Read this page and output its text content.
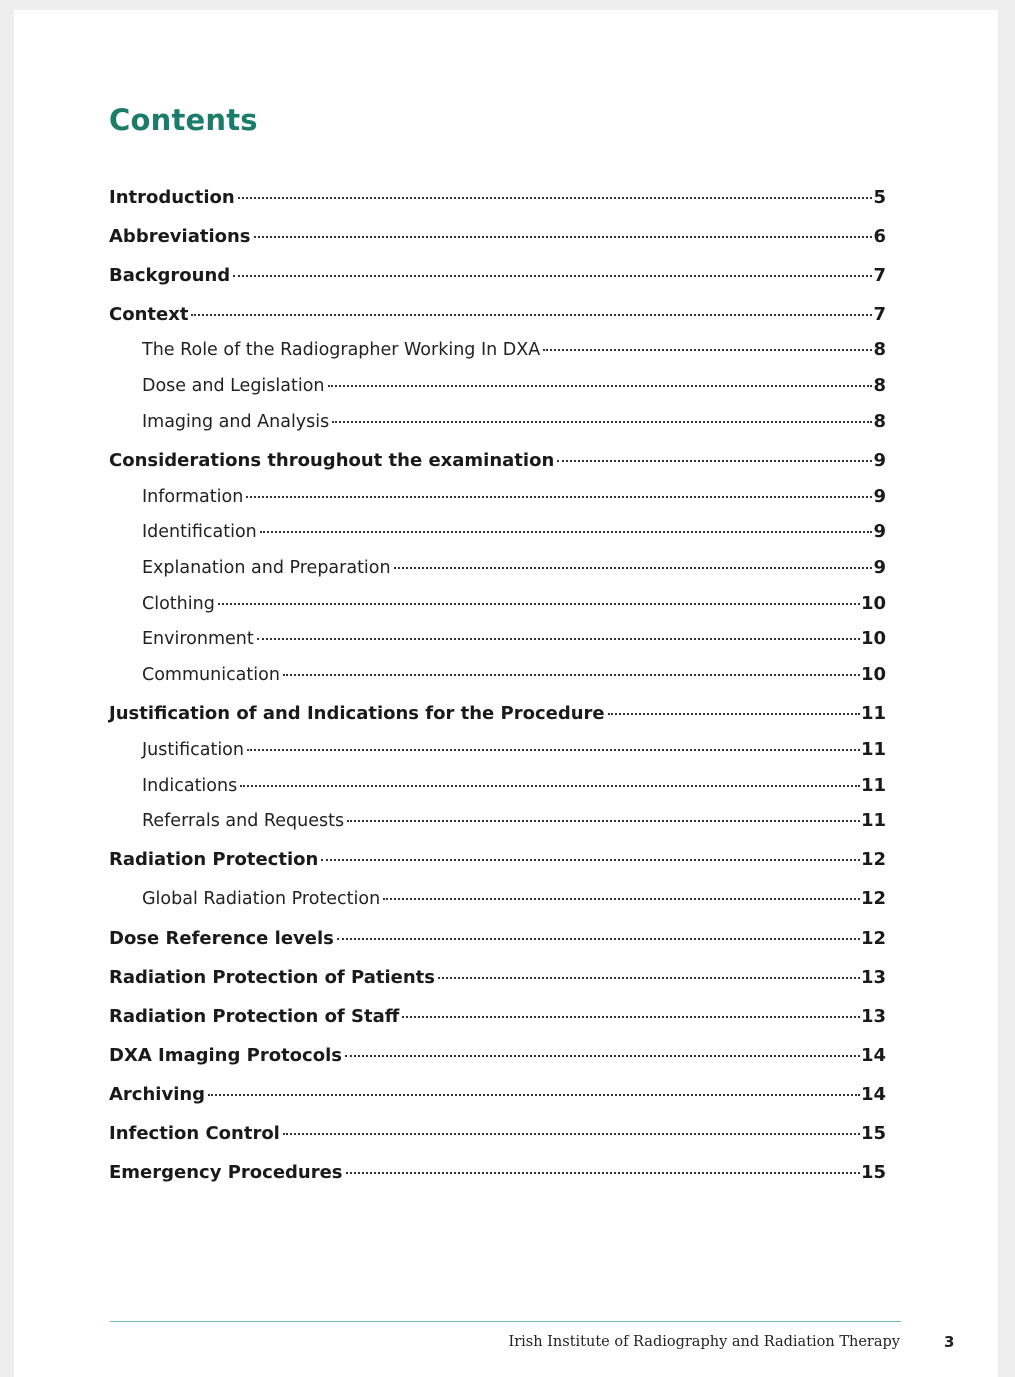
Contents
Introduction	5
Abbreviations	6
Background	7
Context	7
The Role of the Radiographer Working In DXA	8
Dose and Legislation	8
Imaging and Analysis	8
Considerations throughout the examination	9
Information	9
Identification	9
Explanation and Preparation	9
Clothing	10
Environment	10
Communication	10
Justification of and Indications for the Procedure	11
Justification	11
Indications	11
Referrals and Requests	11
Radiation Protection	12
Global Radiation Protection	12
Dose Reference levels	12
Radiation Protection of Patients	13
Radiation Protection of Staff	13
DXA Imaging Protocols	14
Archiving	14
Infection Control	15
Emergency Procedures	15
Irish Institute of Radiography and Radiation Therapy	3
